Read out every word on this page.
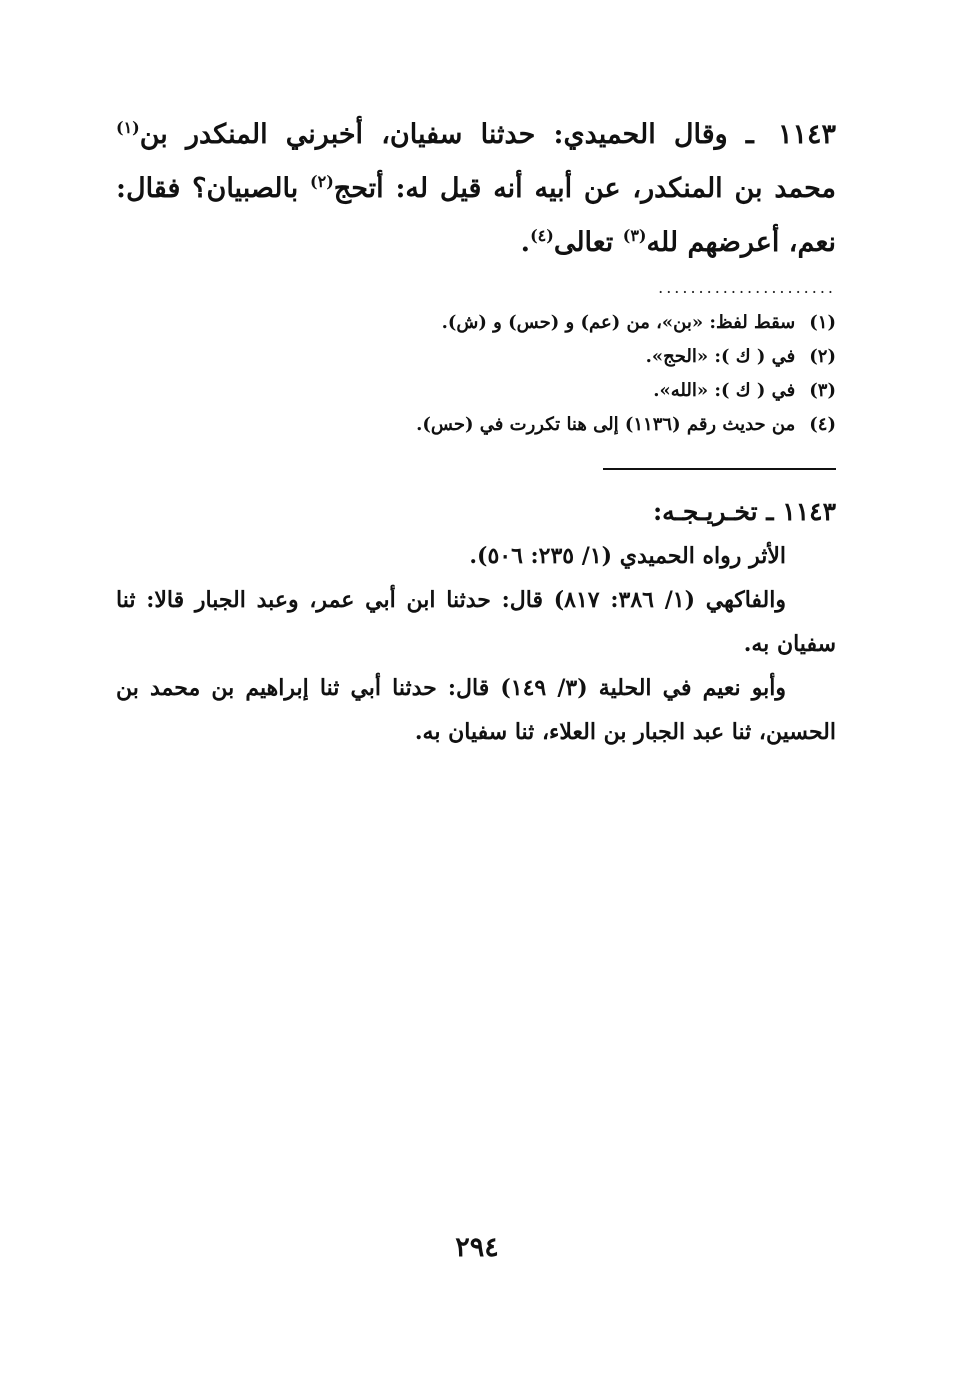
١١٤٣ ـ وقال الحميدي: حدثنا سفيان، أخبرني المنكدر بن$^{(١)}$ محمد بن المنكدر، عن أبيه أنه قيل له: أتحج$^{(٢)}$ بالصبيان؟ فقال: نعم، أعرضهم لله$^{(٣)}$ تعالى$^{(٤)}$.
......................
(١)سقط لفظ: «بن»، من (عم) و (حس) و (ش).
(٢)في ( ك ): «الحج».
(٣)في ( ك ): «الله».
(٤)من حديث رقم (١١٣٦) إلى هنا تكررت في (حس).
١١٤٣ ـ تخـريـجـه:

الأثر رواه الحميدي (١/ ٢٣٥: ٥٠٦).

والفاكهي (١/ ٣٨٦: ٨١٧) قال: حدثنا ابن أبي عمر، وعبد الجبار قالا: ثنا سفيان به.

وأبو نعيم في الحلية (٣/ ١٤٩) قال: حدثنا أبي ثنا إبراهيم بن محمد بن الحسين، ثنا عبد الجبار بن العلاء، ثنا سفيان به.

٢٩٤
